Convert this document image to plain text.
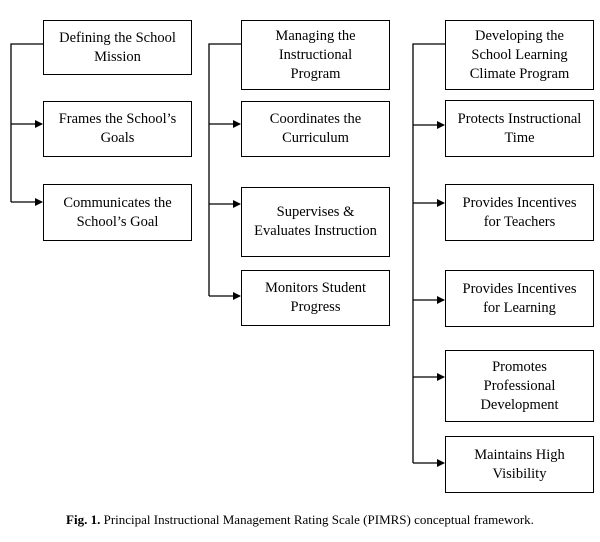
Defining the School
Mission
Frames the School’s
Goals
Communicates the
School’s Goal
Managing the
Instructional
Program
Coordinates the
Curriculum
Supervises &
Evaluates Instruction
Monitors Student
Progress
Developing the
School Learning
Climate Program
Protects Instructional
Time
Provides Incentives
for Teachers
Provides Incentives
for Learning
Promotes
Professional
Development
Maintains High
Visibility
Fig. 1. Principal Instructional Management Rating Scale (PIMRS) conceptual framework.
